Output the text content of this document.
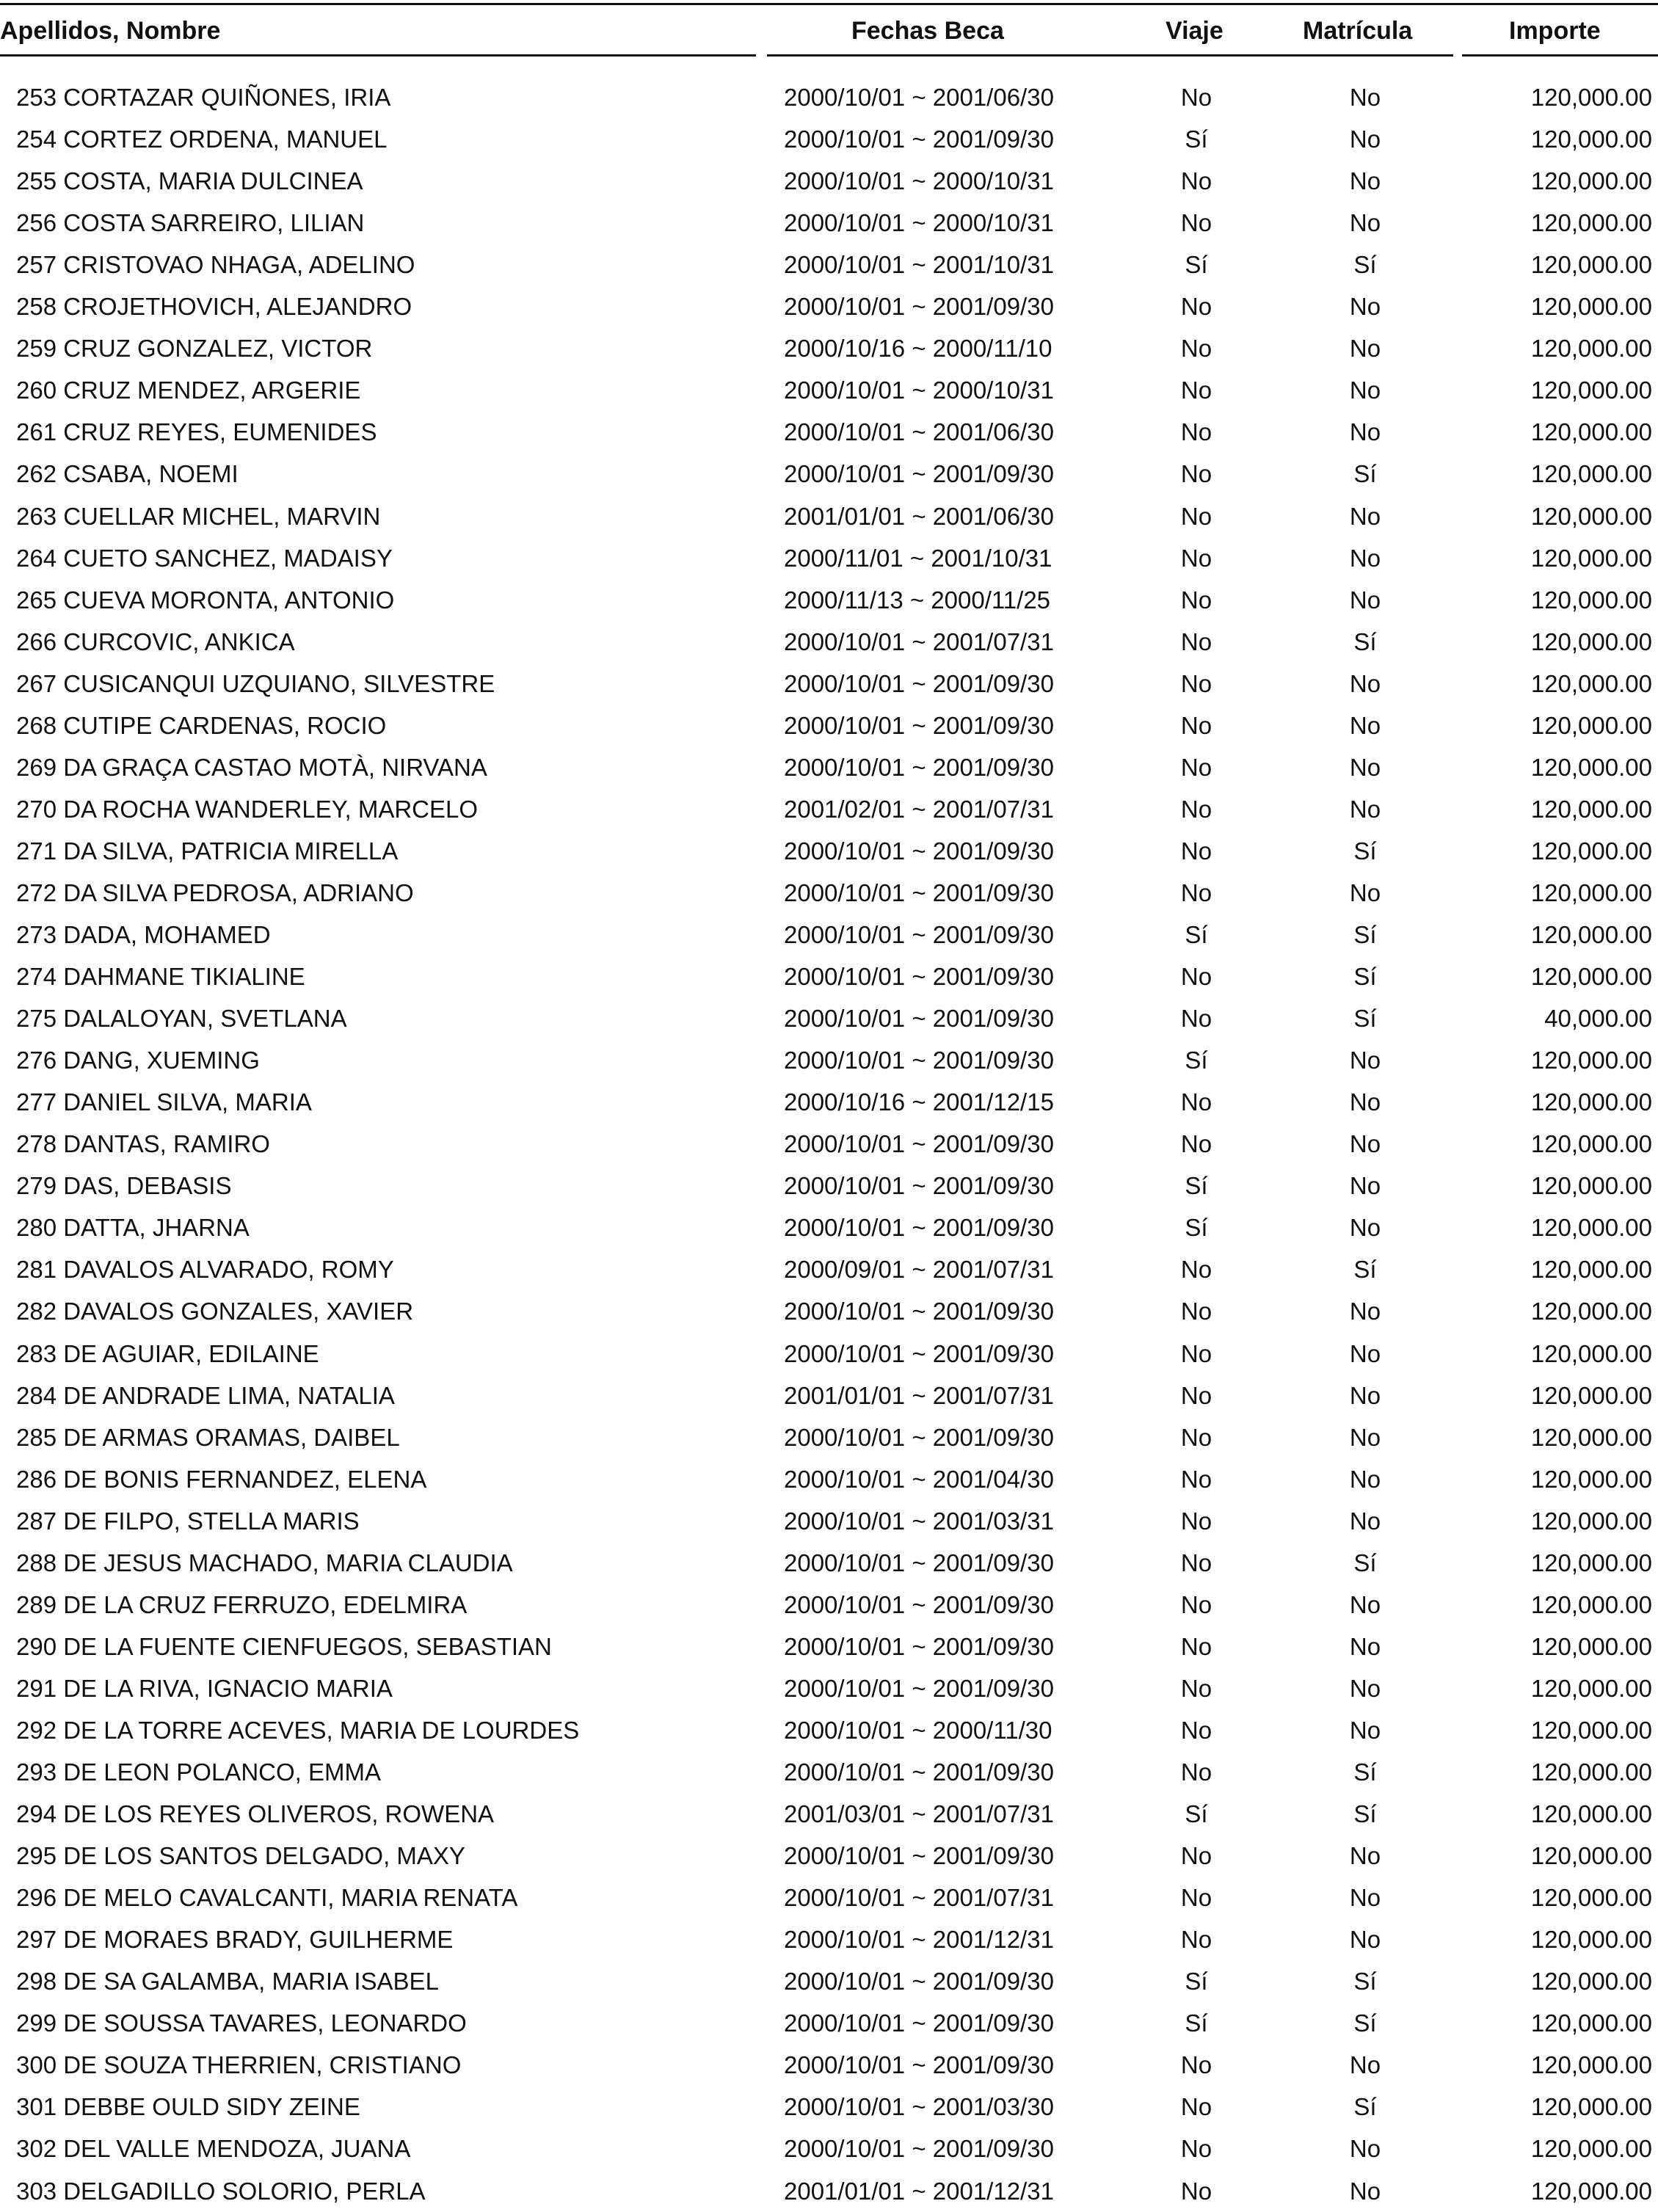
Apellidos, Nombre	Fechas Beca	Viaje	Matrícula	Importe
253 CORTAZAR QUIÑONES, IRIA	2000/10/01 ~ 2001/06/30	No	No	120,000.00
254 CORTEZ ORDENA, MANUEL	2000/10/01 ~ 2001/09/30	Sí	No	120,000.00
255 COSTA, MARIA DULCINEA	2000/10/01 ~ 2000/10/31	No	No	120,000.00
256 COSTA SARREIRO, LILIAN	2000/10/01 ~ 2000/10/31	No	No	120,000.00
257 CRISTOVAO NHAGA, ADELINO	2000/10/01 ~ 2001/10/31	Sí	Sí	120,000.00
258 CROJETHOVICH, ALEJANDRO	2000/10/01 ~ 2001/09/30	No	No	120,000.00
259 CRUZ GONZALEZ, VICTOR	2000/10/16 ~ 2000/11/10	No	No	120,000.00
260 CRUZ MENDEZ, ARGERIE	2000/10/01 ~ 2000/10/31	No	No	120,000.00
261 CRUZ REYES, EUMENIDES	2000/10/01 ~ 2001/06/30	No	No	120,000.00
262 CSABA, NOEMI	2000/10/01 ~ 2001/09/30	No	Sí	120,000.00
263 CUELLAR MICHEL, MARVIN	2001/01/01 ~ 2001/06/30	No	No	120,000.00
264 CUETO SANCHEZ, MADAISY	2000/11/01 ~ 2001/10/31	No	No	120,000.00
265 CUEVA MORONTA, ANTONIO	2000/11/13 ~ 2000/11/25	No	No	120,000.00
266 CURCOVIC, ANKICA	2000/10/01 ~ 2001/07/31	No	Sí	120,000.00
267 CUSICANQUI UZQUIANO, SILVESTRE	2000/10/01 ~ 2001/09/30	No	No	120,000.00
268 CUTIPE CARDENAS, ROCIO	2000/10/01 ~ 2001/09/30	No	No	120,000.00
269 DA GRAÇA CASTAO MOTÀ, NIRVANA	2000/10/01 ~ 2001/09/30	No	No	120,000.00
270 DA ROCHA WANDERLEY, MARCELO	2001/02/01 ~ 2001/07/31	No	No	120,000.00
271 DA SILVA, PATRICIA MIRELLA	2000/10/01 ~ 2001/09/30	No	Sí	120,000.00
272 DA SILVA PEDROSA, ADRIANO	2000/10/01 ~ 2001/09/30	No	No	120,000.00
273 DADA, MOHAMED	2000/10/01 ~ 2001/09/30	Sí	Sí	120,000.00
274 DAHMANE TIKIALINE	2000/10/01 ~ 2001/09/30	No	Sí	120,000.00
275 DALALOYAN, SVETLANA	2000/10/01 ~ 2001/09/30	No	Sí	40,000.00
276 DANG, XUEMING	2000/10/01 ~ 2001/09/30	Sí	No	120,000.00
277 DANIEL SILVA, MARIA	2000/10/16 ~ 2001/12/15	No	No	120,000.00
278 DANTAS, RAMIRO	2000/10/01 ~ 2001/09/30	No	No	120,000.00
279 DAS, DEBASIS	2000/10/01 ~ 2001/09/30	Sí	No	120,000.00
280 DATTA, JHARNA	2000/10/01 ~ 2001/09/30	Sí	No	120,000.00
281 DAVALOS ALVARADO, ROMY	2000/09/01 ~ 2001/07/31	No	Sí	120,000.00
282 DAVALOS GONZALES, XAVIER	2000/10/01 ~ 2001/09/30	No	No	120,000.00
283 DE AGUIAR, EDILAINE	2000/10/01 ~ 2001/09/30	No	No	120,000.00
284 DE ANDRADE LIMA, NATALIA	2001/01/01 ~ 2001/07/31	No	No	120,000.00
285 DE ARMAS ORAMAS, DAIBEL	2000/10/01 ~ 2001/09/30	No	No	120,000.00
286 DE BONIS FERNANDEZ, ELENA	2000/10/01 ~ 2001/04/30	No	No	120,000.00
287 DE FILPO, STELLA MARIS	2000/10/01 ~ 2001/03/31	No	No	120,000.00
288 DE JESUS MACHADO, MARIA CLAUDIA	2000/10/01 ~ 2001/09/30	No	Sí	120,000.00
289 DE LA CRUZ FERRUZO, EDELMIRA	2000/10/01 ~ 2001/09/30	No	No	120,000.00
290 DE LA FUENTE CIENFUEGOS, SEBASTIAN	2000/10/01 ~ 2001/09/30	No	No	120,000.00
291 DE LA RIVA, IGNACIO MARIA	2000/10/01 ~ 2001/09/30	No	No	120,000.00
292 DE LA TORRE ACEVES, MARIA DE LOURDES	2000/10/01 ~ 2000/11/30	No	No	120,000.00
293 DE LEON POLANCO, EMMA	2000/10/01 ~ 2001/09/30	No	Sí	120,000.00
294 DE LOS REYES OLIVEROS, ROWENA	2001/03/01 ~ 2001/07/31	Sí	Sí	120,000.00
295 DE LOS SANTOS DELGADO, MAXY	2000/10/01 ~ 2001/09/30	No	No	120,000.00
296 DE MELO CAVALCANTI, MARIA RENATA	2000/10/01 ~ 2001/07/31	No	No	120,000.00
297 DE MORAES BRADY, GUILHERME	2000/10/01 ~ 2001/12/31	No	No	120,000.00
298 DE SA GALAMBA, MARIA ISABEL	2000/10/01 ~ 2001/09/30	Sí	Sí	120,000.00
299 DE SOUSSA TAVARES, LEONARDO	2000/10/01 ~ 2001/09/30	Sí	Sí	120,000.00
300 DE SOUZA THERRIEN, CRISTIANO	2000/10/01 ~ 2001/09/30	No	No	120,000.00
301 DEBBE OULD SIDY ZEINE	2000/10/01 ~ 2001/03/30	No	Sí	120,000.00
302 DEL VALLE MENDOZA, JUANA	2000/10/01 ~ 2001/09/30	No	No	120,000.00
303 DELGADILLO SOLORIO, PERLA	2001/01/01 ~ 2001/12/31	No	No	120,000.00
